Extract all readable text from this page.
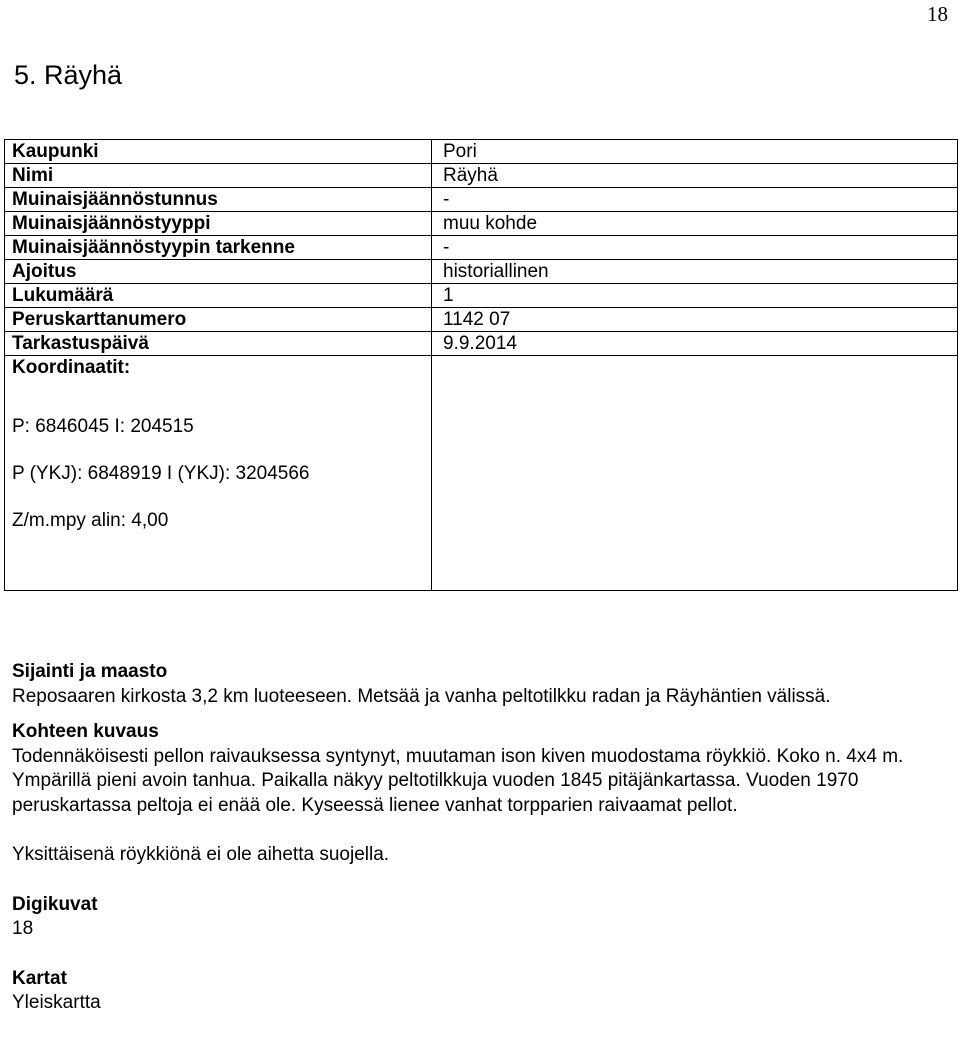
18
5. Räyhä
Kaupunki	Pori
Nimi	Räyhä
Muinaisjäännöstunnus	-
Muinaisjäännöstyyppi	muu kohde
Muinaisjäännöstyypin tarkenne	-
Ajoitus	historiallinen
Lukumäärä	1
Peruskarttanumero	1142 07
Tarkastuspäivä	9.9.2014

Koordinaatit:
P: 6846045 I: 204515
P (YKJ): 6848919 I (YKJ): 3204566
Z/m.mpy alin: 4,00	

Sijainti ja maasto
Reposaaren kirkosta 3,2 km luoteeseen. Metsää ja vanha peltotilkku radan ja Räyhäntien välissä.
Kohteen kuvaus
Todennäköisesti pellon raivauksessa syntynyt, muutaman ison kiven muodostama röykkiö. Koko n. 4x4 m. Ympärillä pieni avoin tanhua. Paikalla näkyy peltotilkkuja vuoden 1845 pitäjänkartassa. Vuoden 1970 peruskartassa peltoja ei enää ole. Kyseessä lienee vanhat torpparien raivaamat pellot.
Yksittäisenä röykkiönä ei ole aihetta suojella.
Digikuvat
18
Kartat
Yleiskartta
